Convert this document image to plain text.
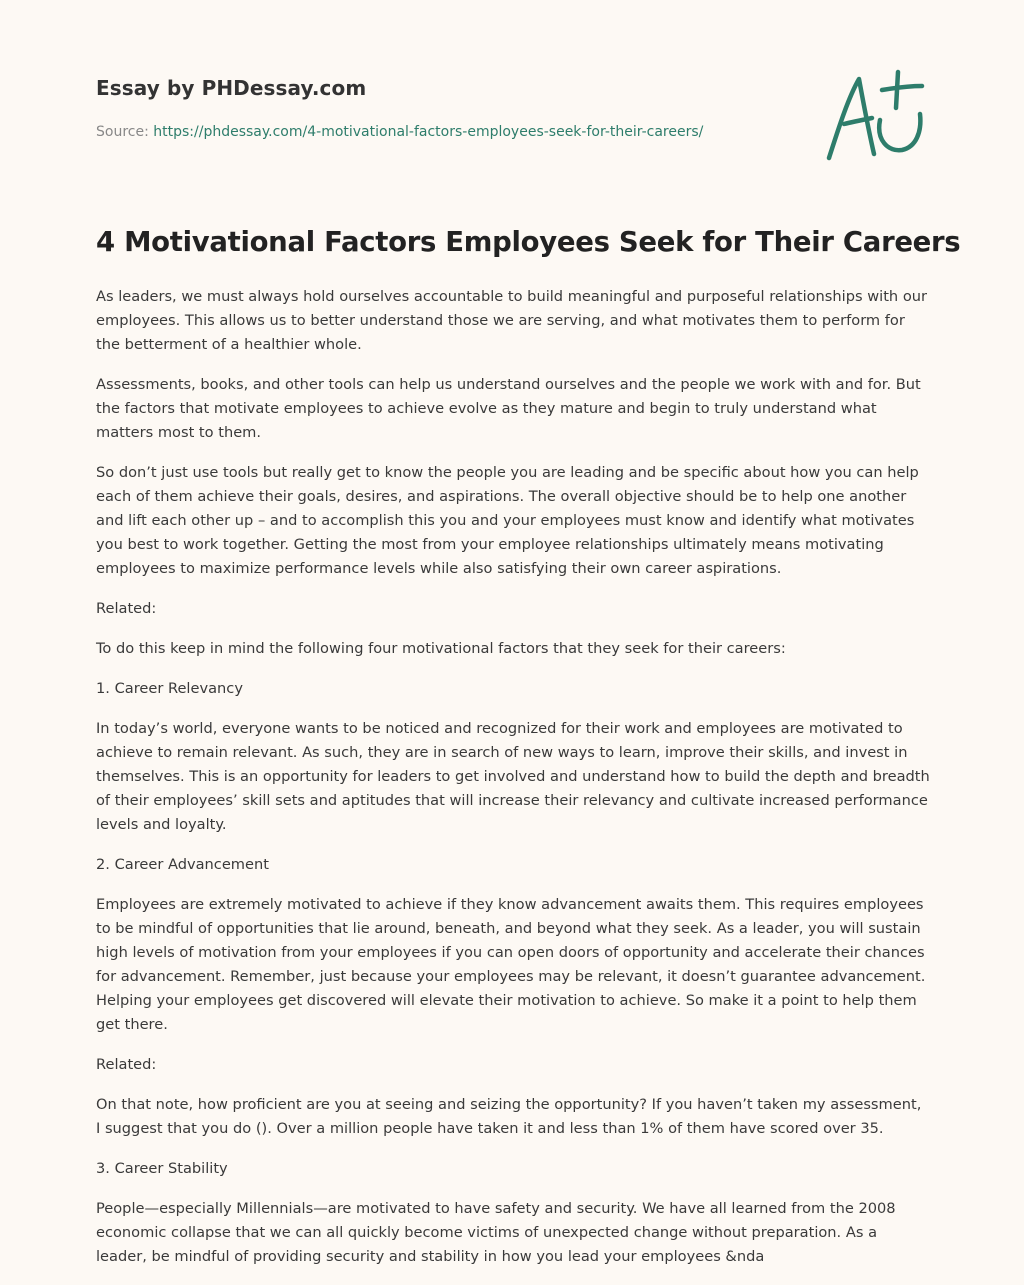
Essay by PHDessay.com
Source: https://phdessay.com/4-motivational-factors-employees-seek-for-their-careers/
4 Motivational Factors Employees Seek for Their Careers

As leaders, we must always hold ourselves accountable to build meaningful and purposeful relationships with our employees. This allows us to better understand those we are serving, and what motivates them to perform for the betterment of a healthier whole.

Assessments, books, and other tools can help us understand ourselves and the people we work with and for. But the factors that motivate employees to achieve evolve as they mature and begin to truly understand what matters most to them.

So don’t just use tools but really get to know the people you are leading and be specific about how you can help each of them achieve their goals, desires, and aspirations. The overall objective should be to help one another and lift each other up – and to accomplish this you and your employees must know and identify what motivates you best to work together. Getting the most from your employee relationships ultimately means motivating employees to maximize performance levels while also satisfying their own career aspirations.

Related:

To do this keep in mind the following four motivational factors that they seek for their careers:

1. Career Relevancy

In today’s world, everyone wants to be noticed and recognized for their work and employees are motivated to achieve to remain relevant. As such, they are in search of new ways to learn, improve their skills, and invest in themselves. This is an opportunity for leaders to get involved and understand how to build the depth and breadth of their employees’ skill sets and aptitudes that will increase their relevancy and cultivate increased performance levels and loyalty.

2. Career Advancement

Employees are extremely motivated to achieve if they know advancement awaits them. This requires employees to be mindful of opportunities that lie around, beneath, and beyond what they seek. As a leader, you will sustain high levels of motivation from your employees if you can open doors of opportunity and accelerate their chances for advancement. Remember, just because your employees may be relevant, it doesn’t guarantee advancement. Helping your employees get discovered will elevate their motivation to achieve. So make it a point to help them get there.

Related:

On that note, how proficient are you at seeing and seizing the opportunity? If you haven’t taken my assessment, I suggest that you do (). Over a million people have taken it and less than 1% of them have scored over 35.

3. Career Stability

People—especially Millennials—are motivated to have safety and security. We have all learned from the 2008 economic collapse that we can all quickly become victims of unexpected change without preparation. As a leader, be mindful of providing security and stability in how you lead your employees &nda
